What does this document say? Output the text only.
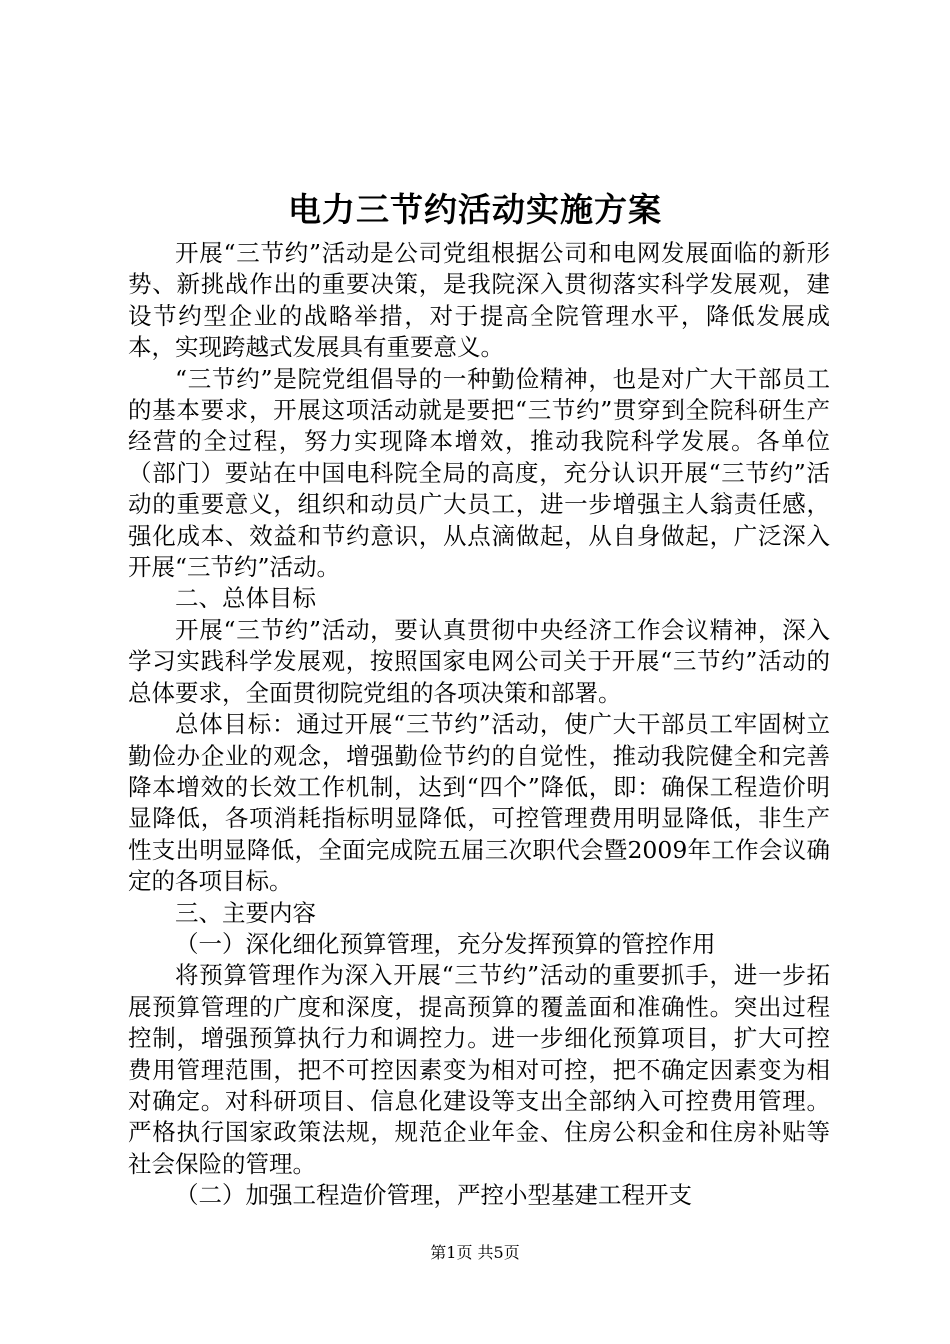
电力三节约活动实施方案

开展“三节约”活动是公司党组根据公司和电网发展面临的新形势、新挑战作出的重要决策，是我院深入贯彻落实科学发展观，建设节约型企业的战略举措，对于提高全院管理水平，降低发展成本，实现跨越式发展具有重要意义。

“三节约”是院党组倡导的一种勤俭精神，也是对广大干部员工的基本要求，开展这项活动就是要把“三节约”贯穿到全院科研生产经营的全过程，努力实现降本增效，推动我院科学发展。各单位（部门）要站在中国电科院全局的高度，充分认识开展“三节约”活动的重要意义，组织和动员广大员工，进一步增强主人翁责任感，强化成本、效益和节约意识，从点滴做起，从自身做起，广泛深入开展“三节约”活动。

二、总体目标

开展“三节约”活动，要认真贯彻中央经济工作会议精神，深入学习实践科学发展观，按照国家电网公司关于开展“三节约”活动的总体要求，全面贯彻院党组的各项决策和部署。

总体目标：通过开展“三节约”活动，使广大干部员工牢固树立勤俭办企业的观念，增强勤俭节约的自觉性，推动我院健全和完善降本增效的长效工作机制，达到“四个”降低，即：确保工程造价明显降低，各项消耗指标明显降低，可控管理费用明显降低，非生产性支出明显降低，全面完成院五届三次职代会暨2009年工作会议确定的各项目标。

三、主要内容

（一）深化细化预算管理，充分发挥预算的管控作用

将预算管理作为深入开展“三节约”活动的重要抓手，进一步拓展预算管理的广度和深度，提高预算的覆盖面和准确性。突出过程控制，增强预算执行力和调控力。进一步细化预算项目，扩大可控费用管理范围，把不可控因素变为相对可控，把不确定因素变为相对确定。对科研项目、信息化建设等支出全部纳入可控费用管理。严格执行国家政策法规，规范企业年金、住房公积金和住房补贴等社会保险的管理。

（二）加强工程造价管理，严控小型基建工程开支

第1页 共5页
